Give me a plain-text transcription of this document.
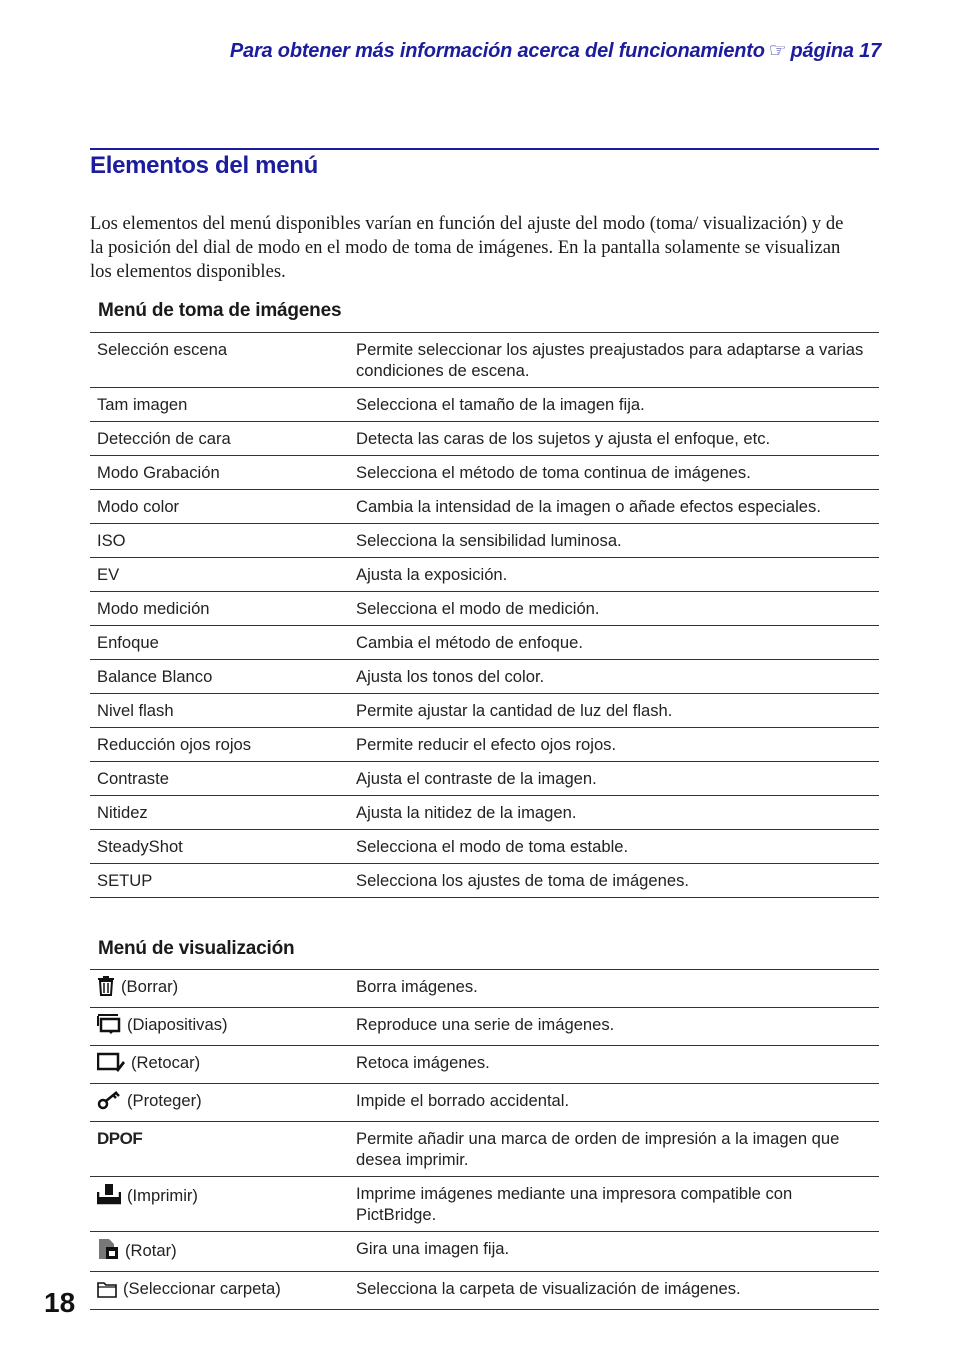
Para obtener más información acerca del funcionamiento ☞ página 17
Elementos del menú
Los elementos del menú disponibles varían en función del ajuste del modo (toma/ visualización) y de la posición del dial de modo en el modo de toma de imágenes. En la pantalla solamente se visualizan los elementos disponibles.
Menú de toma de imágenes
Selección escena	Permite seleccionar los ajustes preajustados para adaptarse a varias condiciones de escena.
Tam imagen	Selecciona el tamaño de la imagen fija.
Detección de cara	Detecta las caras de los sujetos y ajusta el enfoque, etc.
Modo Grabación	Selecciona el método de toma continua de imágenes.
Modo color	Cambia la intensidad de la imagen o añade efectos especiales.
ISO	Selecciona la sensibilidad luminosa.
EV	Ajusta la exposición.
Modo medición	Selecciona el modo de medición.
Enfoque	Cambia el método de enfoque.
Balance Blanco	Ajusta los tonos del color.
Nivel flash	Permite ajustar la cantidad de luz del flash.
Reducción ojos rojos	Permite reducir el efecto ojos rojos.
Contraste	Ajusta el contraste de la imagen.
Nitidez	Ajusta la nitidez de la imagen.
SteadyShot	Selecciona el modo de toma estable.
SETUP	Selecciona los ajustes de toma de imágenes.
Menú de visualización
(Borrar)	Borra imágenes.
(Diapositivas)	Reproduce una serie de imágenes.
(Retocar)	Retoca imágenes.
(Proteger)	Impide el borrado accidental.
DPOF	Permite añadir una marca de orden de impresión a la imagen que desea imprimir.
(Imprimir)	Imprime imágenes mediante una impresora compatible con PictBridge.
(Rotar)	Gira una imagen fija.
(Seleccionar carpeta)	Selecciona la carpeta de visualización de imágenes.
18
